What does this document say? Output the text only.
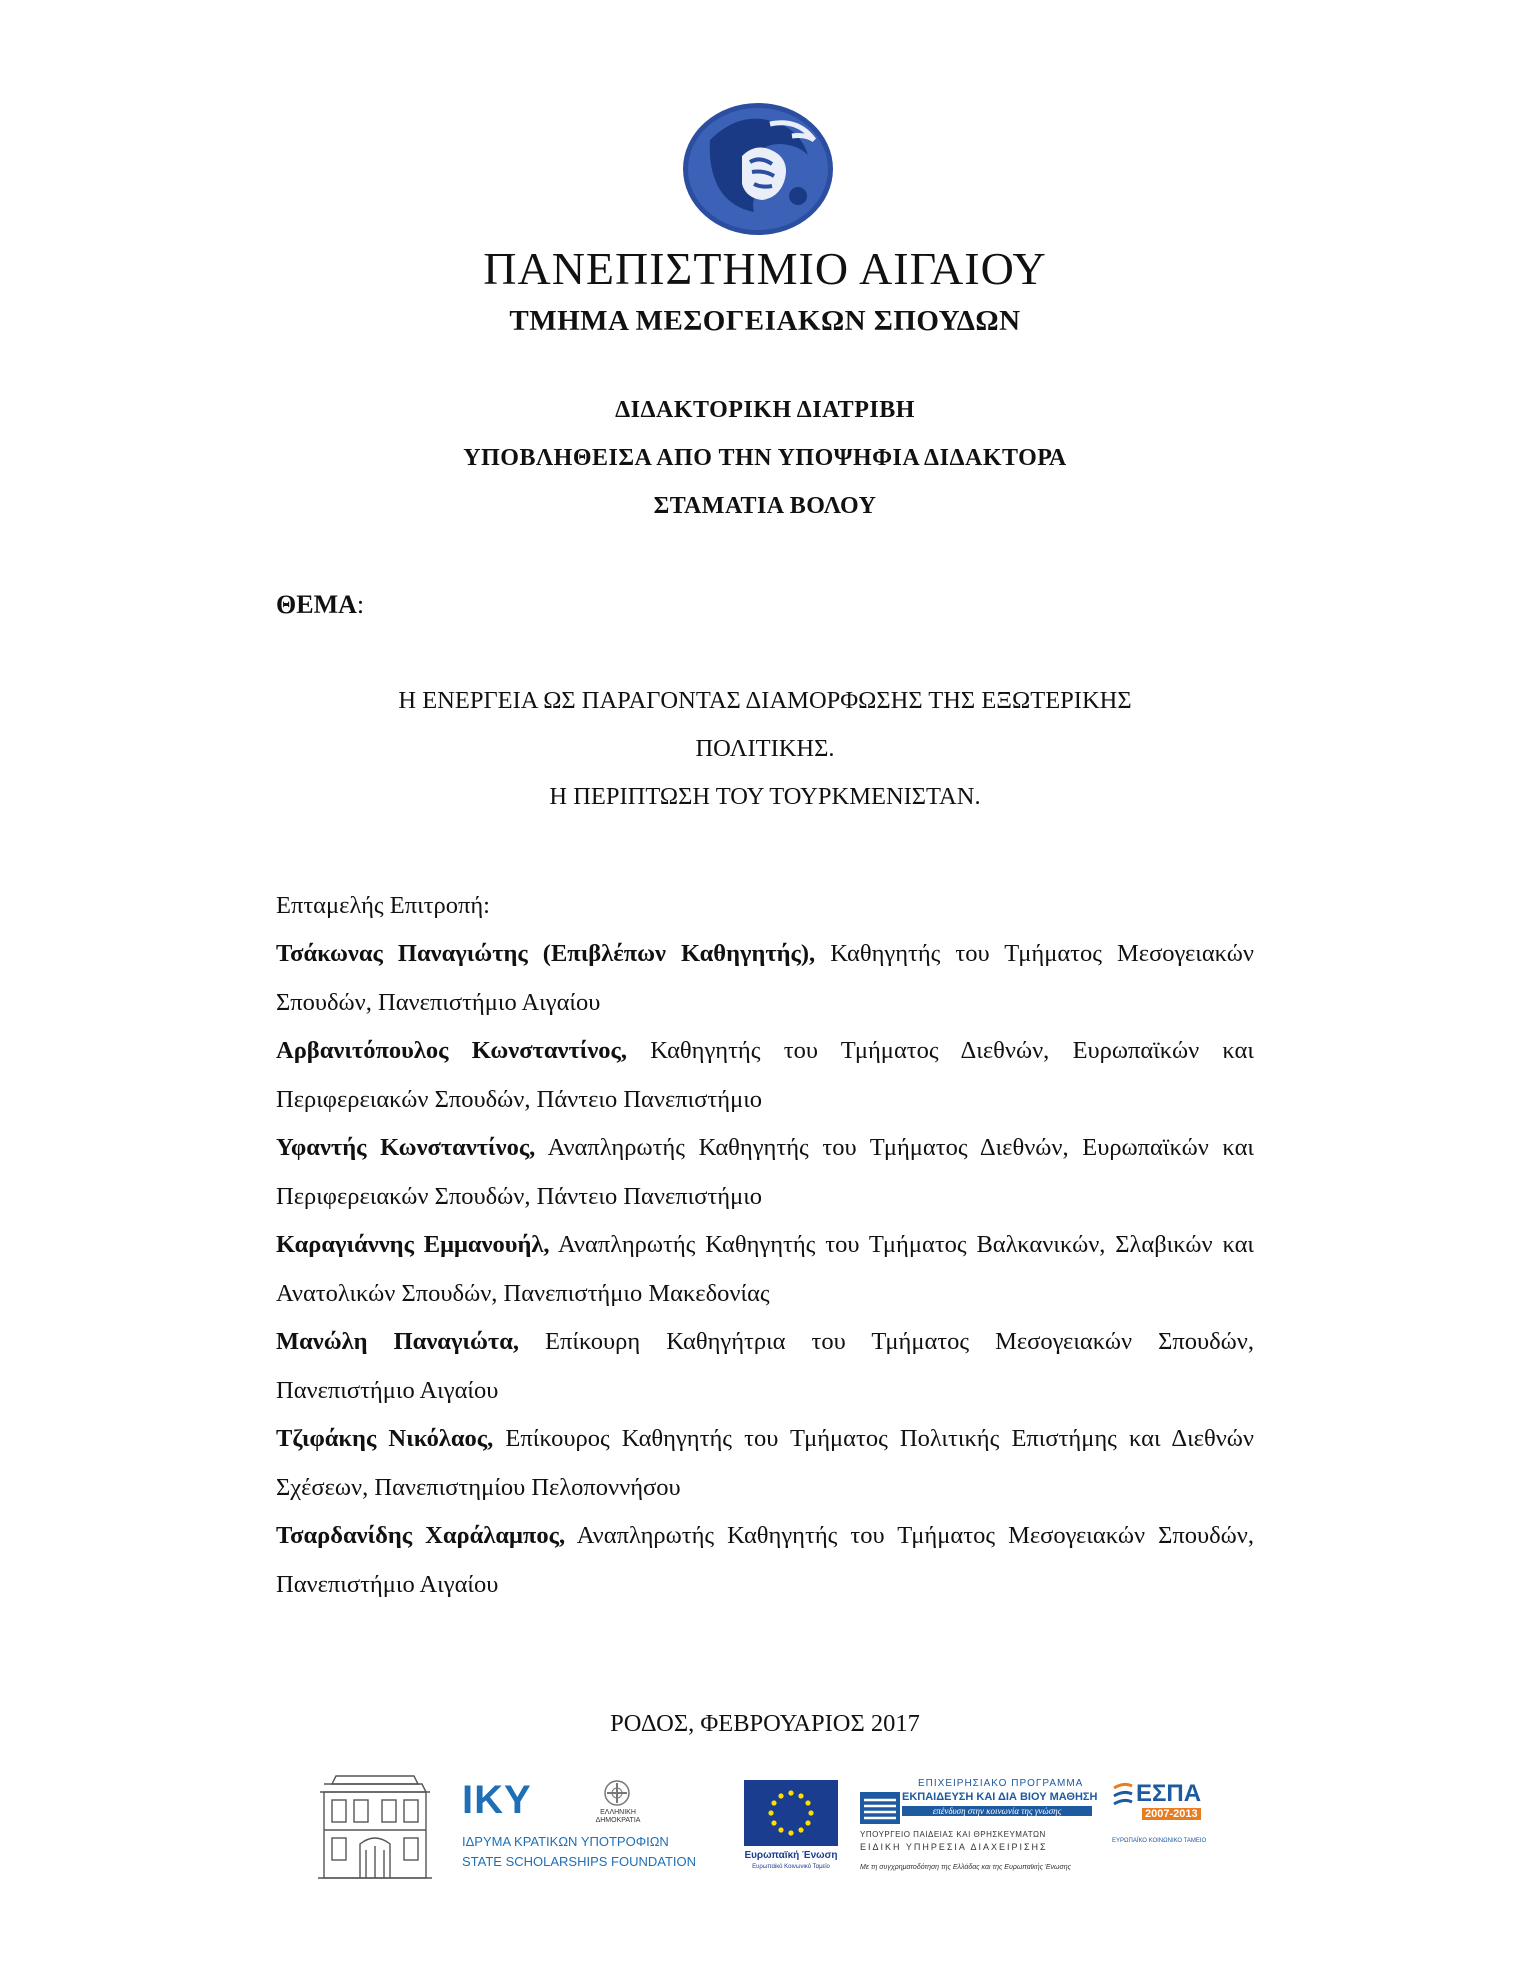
ΠΑΝΕΠΙΣΤΗΜΙΟ ΑΙΓΑΙΟΥ
ΤΜΗΜΑ ΜΕΣΟΓΕΙΑΚΩΝ ΣΠΟΥΔΩΝ
ΔΙΔΑΚΤΟΡΙΚΗ ΔΙΑΤΡΙΒΗ
ΥΠΟΒΛΗΘΕΙΣΑ ΑΠΟ ΤΗΝ ΥΠΟΨΗΦΙΑ ΔΙΔΑΚΤΟΡΑ
ΣΤΑΜΑΤΙΑ ΒΟΛΟΥ
ΘΕΜΑ:
Η ΕΝΕΡΓΕΙΑ ΩΣ ΠΑΡΑΓΟΝΤΑΣ ΔΙΑΜΟΡΦΩΣΗΣ ΤΗΣ ΕΞΩΤΕΡΙΚΗΣ
ΠΟΛΙΤΙΚΗΣ.
Η ΠΕΡΙΠΤΩΣΗ ΤΟΥ ΤΟΥΡΚΜΕΝΙΣΤΑΝ.
Επταμελής Επιτροπή:
Τσάκωνας Παναγιώτης (Επιβλέπων Καθηγητής), Καθηγητής του Τμήματος Μεσογειακών Σπουδών, Πανεπιστήμιο Αιγαίου
Αρβανιτόπουλος Κωνσταντίνος, Καθηγητής του Τμήματος Διεθνών, Ευρωπαϊκών και Περιφερειακών Σπουδών, Πάντειο Πανεπιστήμιο
Υφαντής Κωνσταντίνος, Αναπληρωτής Καθηγητής του Τμήματος Διεθνών, Ευρωπαϊκών και Περιφερειακών Σπουδών, Πάντειο Πανεπιστήμιο
Καραγιάννης Εμμανουήλ, Αναπληρωτής Καθηγητής του Τμήματος Βαλκανικών, Σλαβικών και Ανατολικών Σπουδών, Πανεπιστήμιο Μακεδονίας
Μανώλη Παναγιώτα, Επίκουρη Καθηγήτρια του Τμήματος Μεσογειακών Σπουδών, Πανεπιστήμιο Αιγαίου
Τζιφάκης Νικόλαος, Επίκουρος Καθηγητής του Τμήματος Πολιτικής Επιστήμης και Διεθνών Σχέσεων, Πανεπιστημίου Πελοποννήσου
Τσαρδανίδης Χαράλαμπος, Αναπληρωτής Καθηγητής του Τμήματος Μεσογειακών Σπουδών, Πανεπιστήμιο Αιγαίου
ΡΟΔΟΣ, ΦΕΒΡΟΥΑΡΙΟΣ 2017
IKY	ΕΛΛΗΝΙΚΗ ΔΗΜΟΚΡΑΤΙΑ
ΙΔΡΥΜΑ ΚΡΑΤΙΚΩΝ ΥΠΟΤΡΟΦΙΩΝ
STATE SCHOLARSHIPS FOUNDATION	Ευρωπαϊκή Ένωση
Ευρωπαϊκό Κοινωνικό Ταμείο
ΕΠΙΧΕΙΡΗΣΙΑΚΟ ΠΡΟΓΡΑΜΜΑ
ΕΚΠΑΙΔΕΥΣΗ ΚΑΙ ΔΙΑ ΒΙΟΥ ΜΑΘΗΣΗ
επένδυση στην κοινωνία της γνώσης
ΥΠΟΥΡΓΕΙΟ ΠΑΙΔΕΙΑΣ ΚΑΙ ΘΡΗΣΚΕΥΜΑΤΩΝ
ΕΙΔΙΚΗ ΥΠΗΡΕΣΙΑ ΔΙΑΧΕΙΡΙΣΗΣ
Με τη συγχρηματοδότηση της Ελλάδας και της Ευρωπαϊκής Ένωσης
ΕΣΠΑ
2007-2013
ΕΥΡΩΠΑΪΚΟ ΚΟΙΝΩΝΙΚΟ ΤΑΜΕΙΟ
